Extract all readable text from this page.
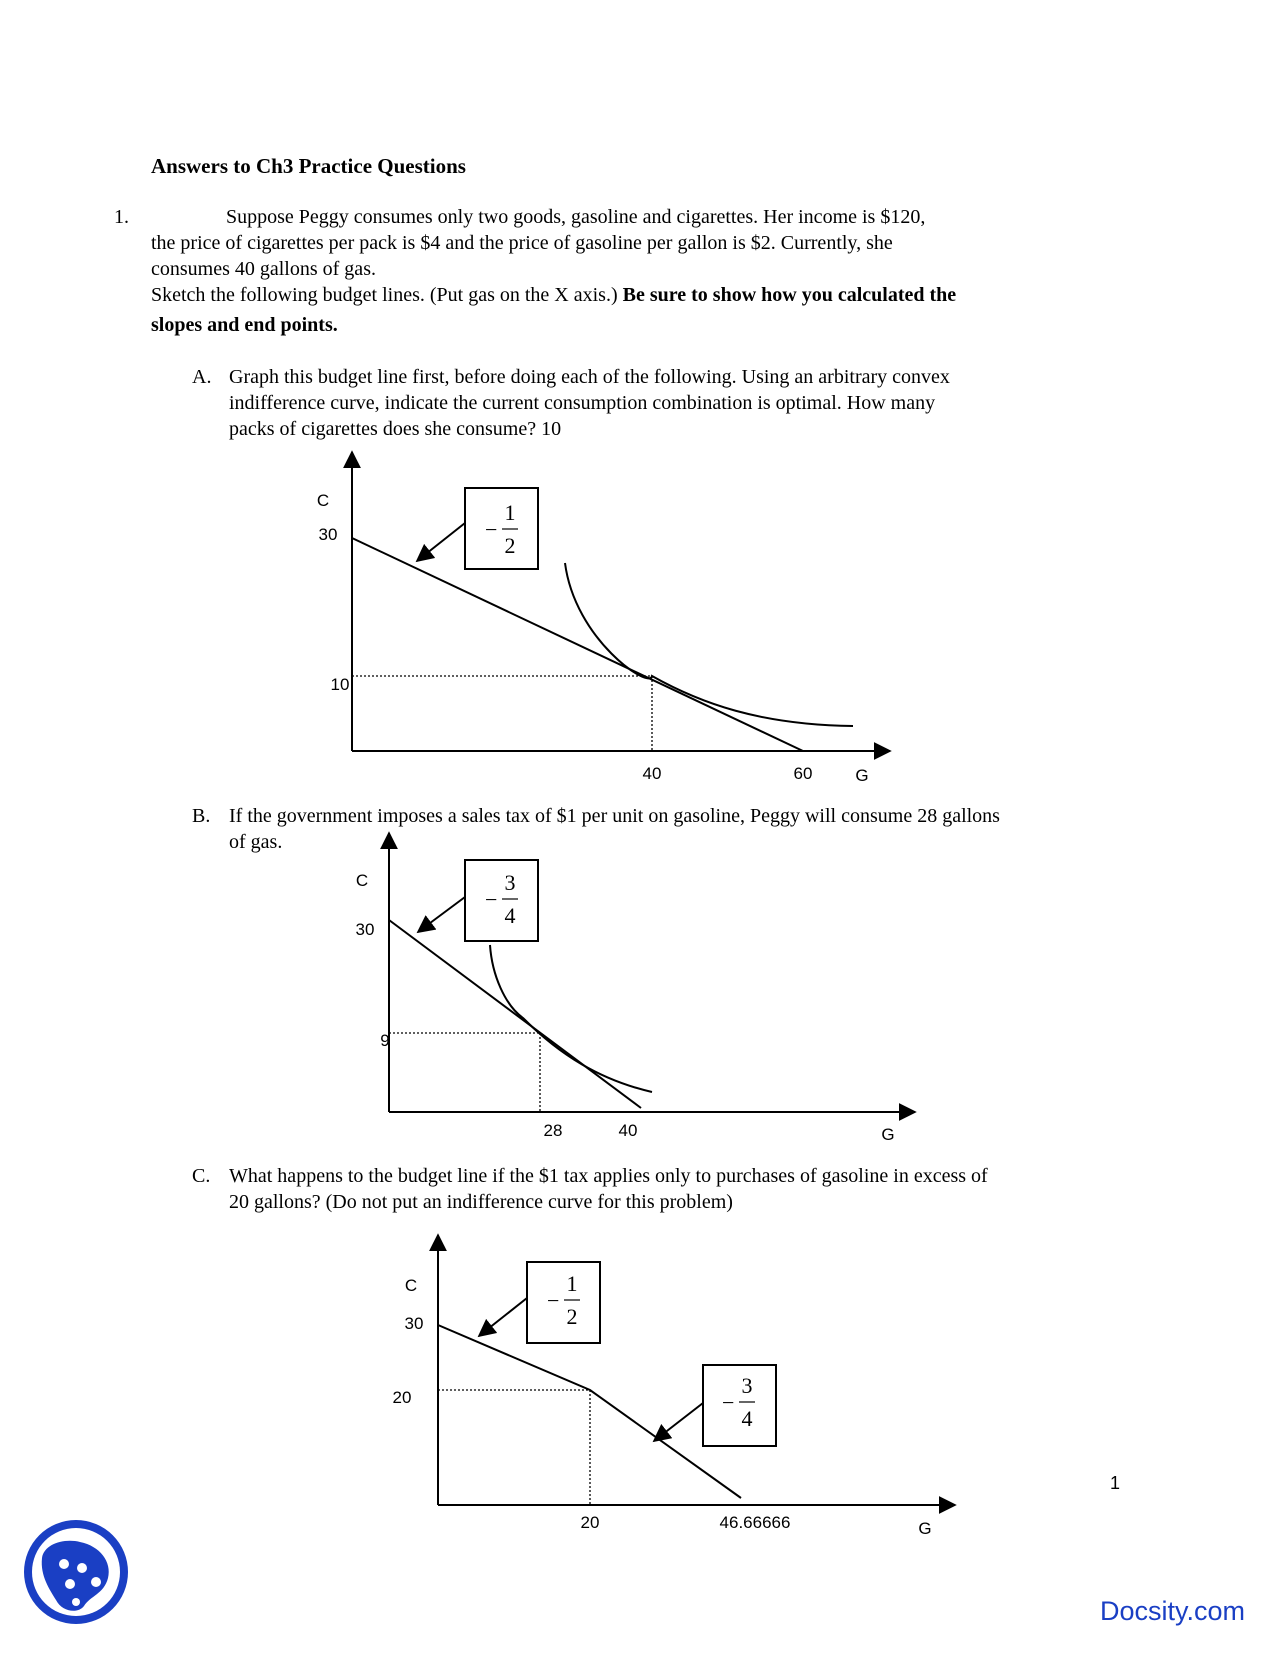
Answers to Ch3 Practice Questions
1.	Suppose Peggy consumes only two goods, gasoline and cigarettes. Her income is $120,
the price of cigarettes per pack is $4 and the price of gasoline per gallon is $2. Currently, she
consumes 40 gallons of gas.
Sketch the following budget lines. (Put gas on the X axis.) Be sure to show how you calculated the
slopes and end points.
A. Graph this budget line first, before doing each of the following. Using an arbitrary convex
indifference curve, indicate the current consumption combination is optimal. How many
packs of cigarettes does she consume? 10
−
1
2
C
30
10
40	60	G
B. If the government imposes a sales tax of $1 per unit on gasoline, Peggy will consume 28 gallons
of gas.
−
3
4
C
30
9
28	40	G
C. What happens to the budget line if the $1 tax applies only to purchases of gasoline in excess of
20 gallons? (Do not put an indifference curve for this problem)
−
1
2
−
3
4
C
30
20
20	46.66666	G
1
Docsity.com
